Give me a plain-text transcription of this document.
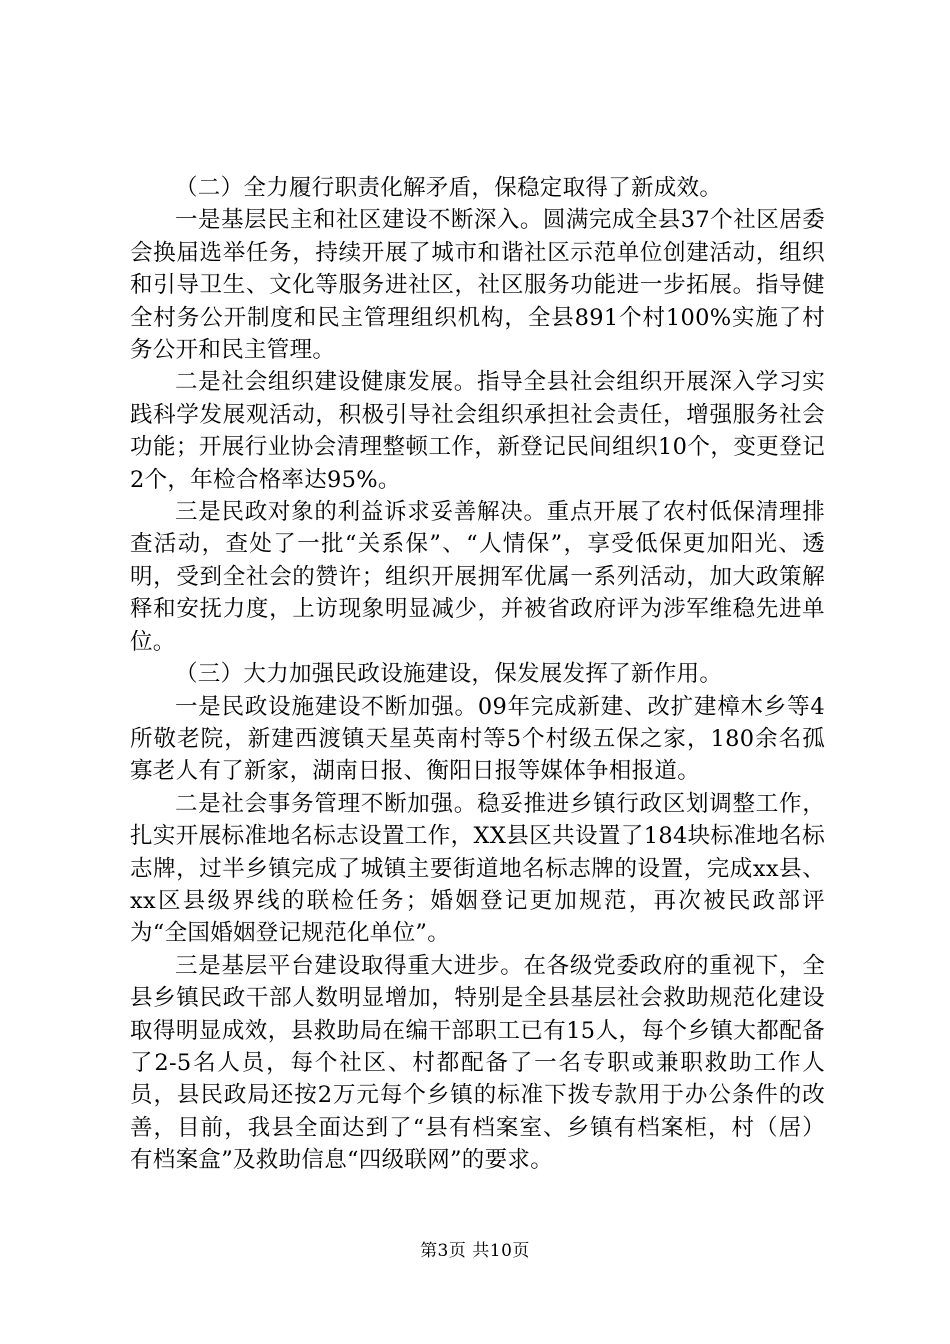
（二）全力履行职责化解矛盾，保稳定取得了新成效。

一是基层民主和社区建设不断深入。圆满完成全县37个社区居委会换届选举任务，持续开展了城市和谐社区示范单位创建活动，组织和引导卫生、文化等服务进社区，社区服务功能进一步拓展。指导健全村务公开制度和民主管理组织机构，全县891个村100%实施了村务公开和民主管理。

二是社会组织建设健康发展。指导全县社会组织开展深入学习实践科学发展观活动，积极引导社会组织承担社会责任，增强服务社会功能；开展行业协会清理整顿工作，新登记民间组织10个，变更登记2个，年检合格率达95%。

三是民政对象的利益诉求妥善解决。重点开展了农村低保清理排查活动，查处了一批“关系保”、“人情保”，享受低保更加阳光、透明，受到全社会的赞许；组织开展拥军优属一系列活动，加大政策解释和安抚力度，上访现象明显减少，并被省政府评为涉军维稳先进单位。

（三）大力加强民政设施建设，保发展发挥了新作用。

一是民政设施建设不断加强。09年完成新建、改扩建樟木乡等4所敬老院，新建西渡镇天星英南村等5个村级五保之家，180余名孤寡老人有了新家，湖南日报、衡阳日报等媒体争相报道。

二是社会事务管理不断加强。稳妥推进乡镇行政区划调整工作，扎实开展标准地名标志设置工作，XX县区共设置了184块标准地名标志牌，过半乡镇完成了城镇主要街道地名标志牌的设置，完成xx县、xx区县级界线的联检任务；婚姻登记更加规范，再次被民政部评为“全国婚姻登记规范化单位”。

三是基层平台建设取得重大进步。在各级党委政府的重视下，全县乡镇民政干部人数明显增加，特别是全县基层社会救助规范化建设取得明显成效，县救助局在编干部职工已有15人，每个乡镇大都配备了2-5名人员，每个社区、村都配备了一名专职或兼职救助工作人员，县民政局还按2万元每个乡镇的标准下拨专款用于办公条件的改善，目前，我县全面达到了“县有档案室、乡镇有档案柜，村（居）有档案盒”及救助信息“四级联网”的要求。

第3页 共10页
